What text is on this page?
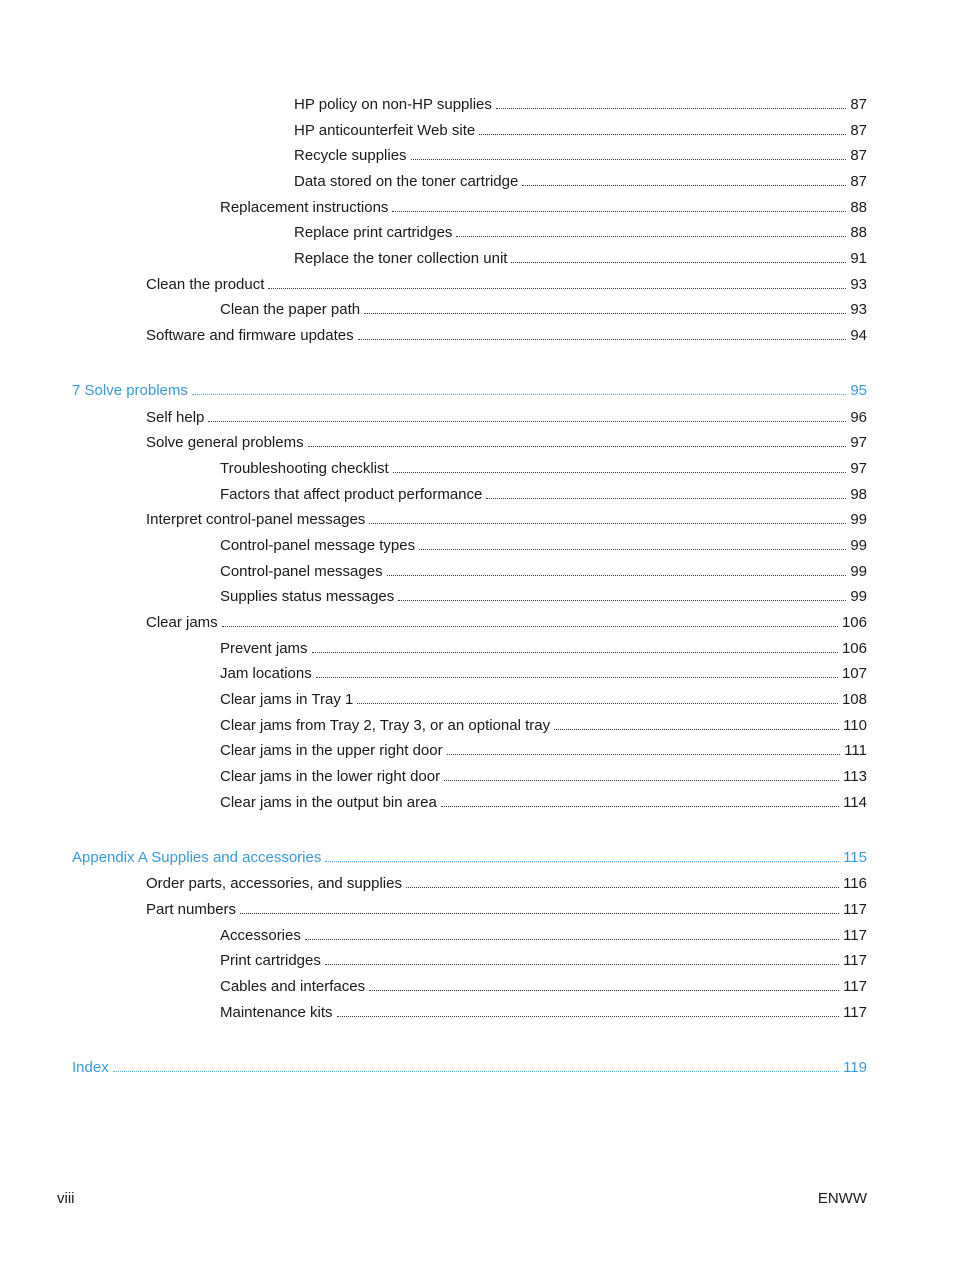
HP policy on non-HP supplies	87
HP anticounterfeit Web site	87
Recycle supplies	87
Data stored on the toner cartridge	87
Replacement instructions	88
Replace print cartridges	88
Replace the toner collection unit	91
Clean the product	93
Clean the paper path	93
Software and firmware updates	94
7 Solve problems	95
Self help	96
Solve general problems	97
Troubleshooting checklist	97
Factors that affect product performance	98
Interpret control-panel messages	99
Control-panel message types	99
Control-panel messages	99
Supplies status messages	99
Clear jams	106
Prevent jams	106
Jam locations	107
Clear jams in Tray 1	108
Clear jams from Tray 2, Tray 3, or an optional tray	110
Clear jams in the upper right door	111
Clear jams in the lower right door	113
Clear jams in the output bin area	114
Appendix A Supplies and accessories	115
Order parts, accessories, and supplies	116
Part numbers	117
Accessories	117
Print cartridges	117
Cables and interfaces	117
Maintenance kits	117
Index	119
viii	ENWW
